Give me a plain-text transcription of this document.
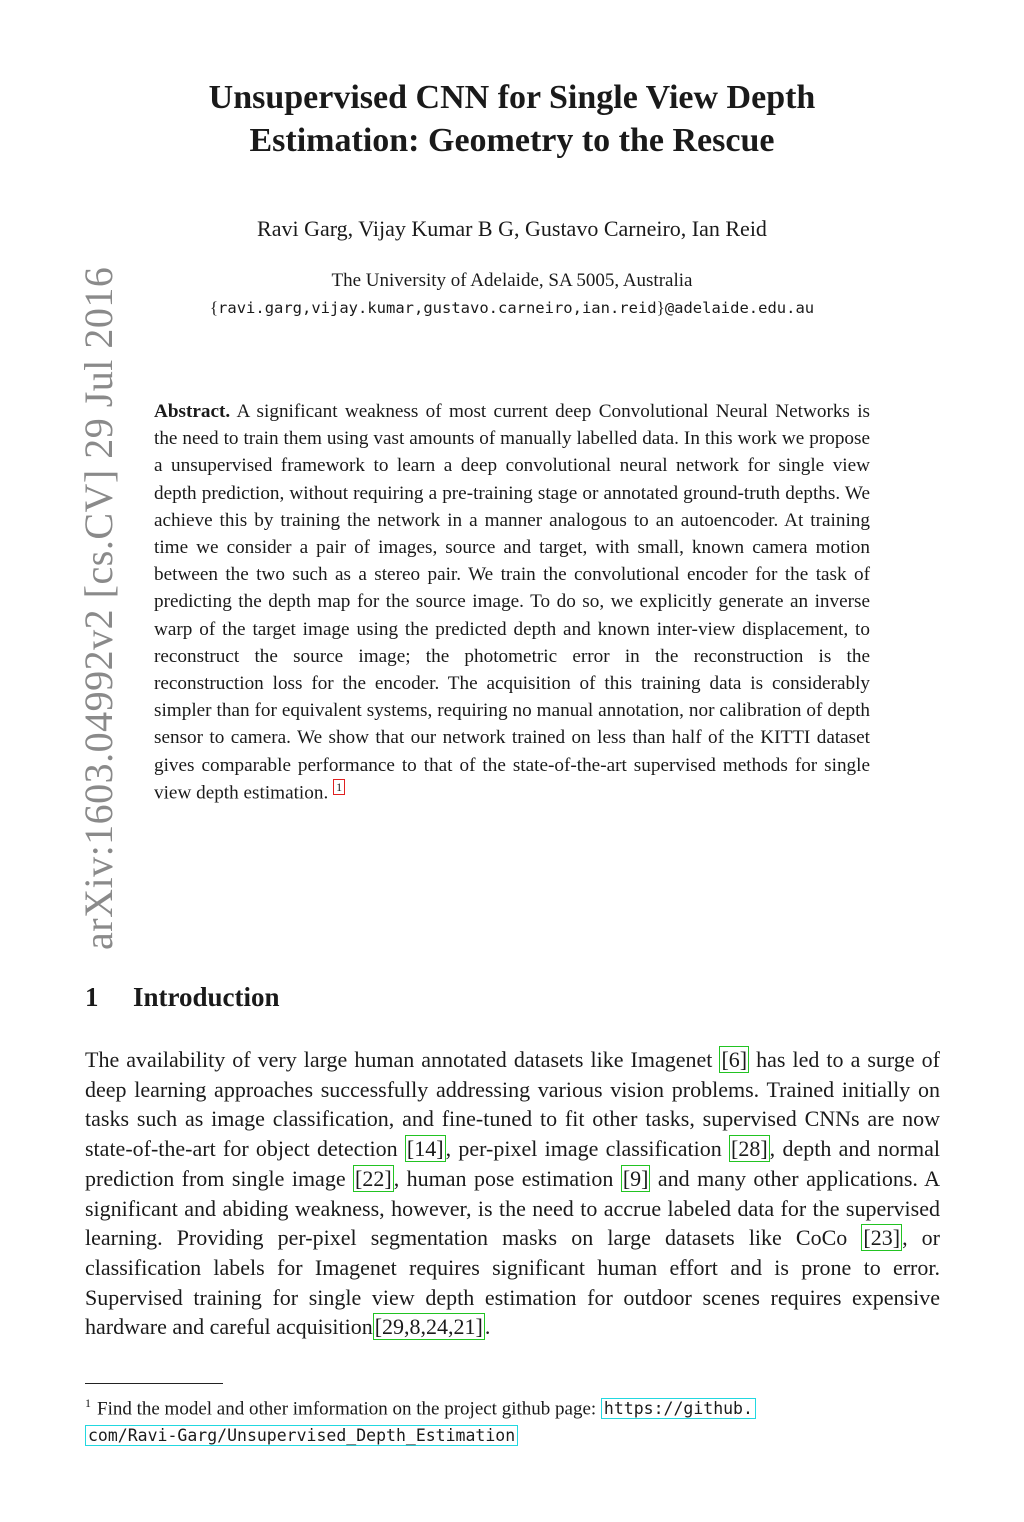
arXiv:1603.04992v2 [cs.CV] 29 Jul 2016
Unsupervised CNN for Single View Depth
Estimation: Geometry to the Rescue
Ravi Garg, Vijay Kumar B G, Gustavo Carneiro, Ian Reid
The University of Adelaide, SA 5005, Australia
{ravi.garg,vijay.kumar,gustavo.carneiro,ian.reid}@adelaide.edu.au
Abstract. A significant weakness of most current deep Convolutional Neural Networks is the need to train them using vast amounts of manually labelled data. In this work we propose a unsupervised framework to learn a deep convolutional neural network for single view depth prediction, without requiring a pre-training stage or annotated ground-truth depths. We achieve this by training the network in a manner analogous to an autoencoder. At training time we consider a pair of images, source and target, with small, known camera motion between the two such as a stereo pair. We train the convolutional encoder for the task of predicting the depth map for the source image. To do so, we explicitly generate an inverse warp of the target image using the predicted depth and known inter-view displacement, to reconstruct the source image; the photometric error in the reconstruction is the reconstruction loss for the encoder. The acquisition of this training data is considerably simpler than for equivalent systems, requiring no manual annotation, nor calibration of depth sensor to camera. We show that our network trained on less than half of the KITTI dataset gives comparable performance to that of the state-of-the-art supervised methods for single view depth estimation. 1
1 Introduction
The availability of very large human annotated datasets like Imagenet [6] has led to a surge of deep learning approaches successfully addressing various vision problems. Trained initially on tasks such as image classification, and fine-tuned to fit other tasks, supervised CNNs are now state-of-the-art for object detection [14], per-pixel image classification [28], depth and normal prediction from single image [22], human pose estimation [9] and many other applications. A significant and abiding weakness, however, is the need to accrue labeled data for the supervised learning. Providing per-pixel segmentation masks on large datasets like CoCo [23], or classification labels for Imagenet requires significant human effort and is prone to error. Supervised training for single view depth estimation for outdoor scenes requires expensive hardware and careful acquisition[29,8,24,21].
$^1$ Find the model and other imformation on the project github page: https://github.
com/Ravi-Garg/Unsupervised_Depth_Estimation
